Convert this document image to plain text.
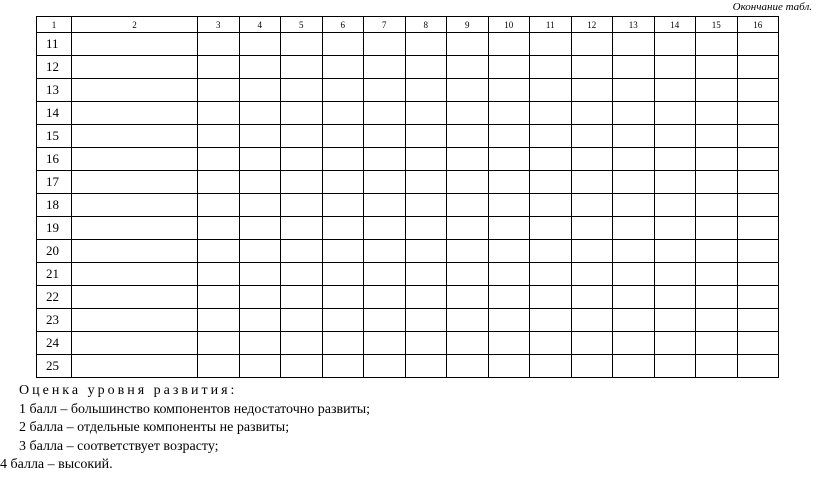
Окончание табл.
1	2	3	4	5	6	7	8	9	10	11	12	13	14	15	16
11															
12															
13															
14															
15															
16															
17															
18															
19															
20															
21															
22															
23															
24															
25															
Оценка уровня развития:
1 балл – большинство компонентов недостаточно развиты;
2 балла – отдельные компоненты не развиты;
3 балла – соответствует возрасту;
4 балла – высокий.
